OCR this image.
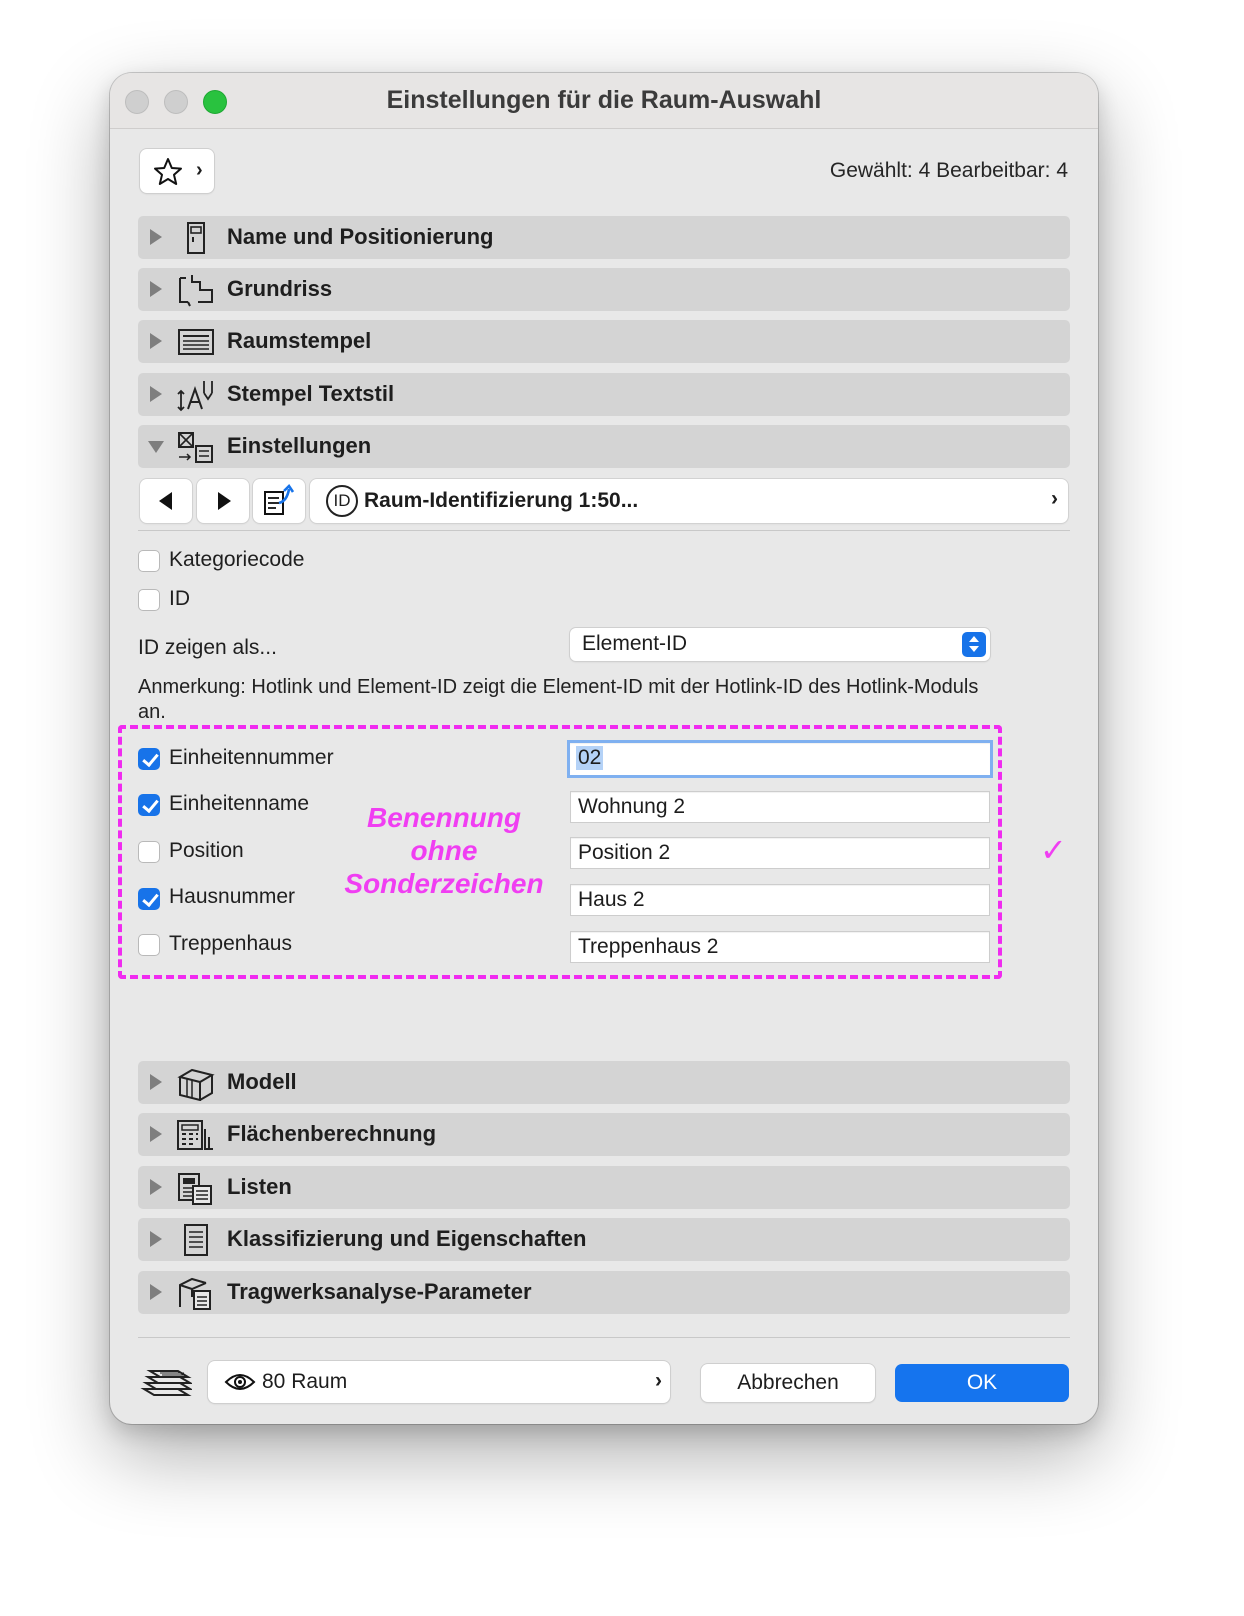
Einstellungen für die Raum-Auswahl
›	Gewählt: 4 Bearbeitbar: 4
Name und Positionierung
Grundriss
Raumstempel
Stempel Textstil
Einstellungen
ID Raum-Identifizierung 1:50...	›
Kategoriecode
ID
ID zeigen als...	Element-ID
Anmerkung: Hotlink und Element-ID zeigt die Element-ID mit der Hotlink-ID des Hotlink-Moduls an.
Einheitennummer	02
Einheitenname	Wohnung 2
Position	Position 2
Hausnummer	Haus 2
Treppenhaus	Treppenhaus 2
Benennung
ohne
Sonderzeichen
✓
Modell
Flächenberechnung
Listen
Klassifizierung und Eigenschaften
Tragwerksanalyse-Parameter
80 Raum	›	Abbrechen	OK
